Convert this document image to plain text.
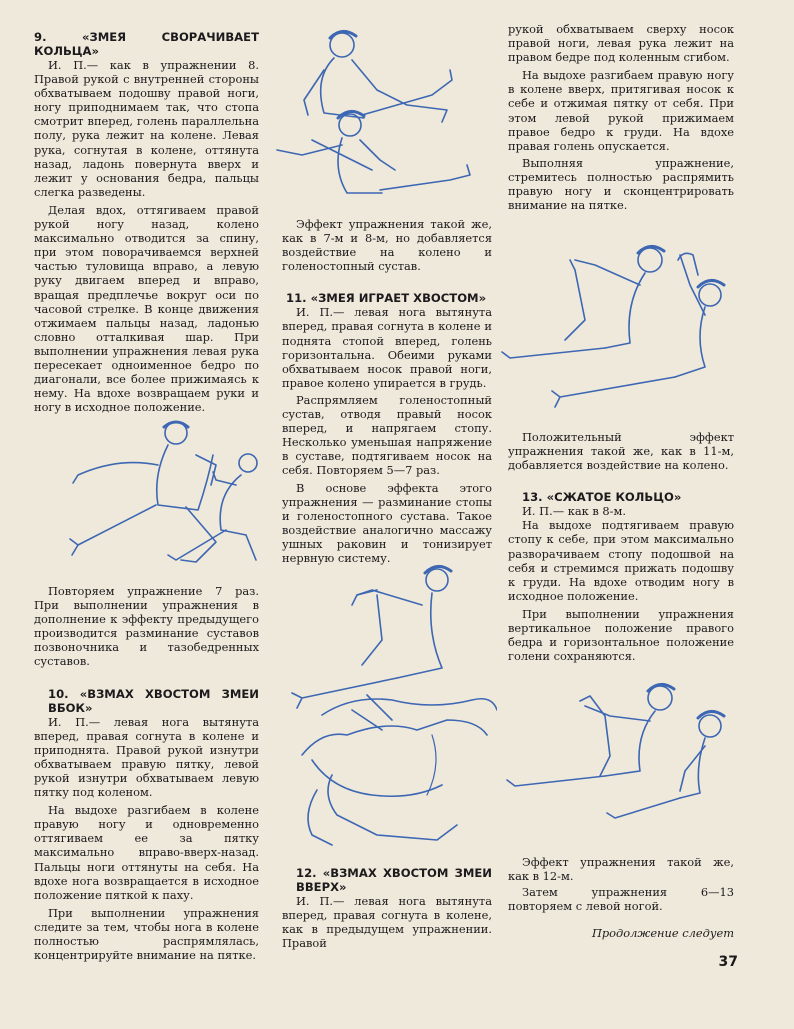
9. «ЗМЕЯ СВОРАЧИВАЕТ КОЛЬЦА»

И. П.— как в упражнении 8. Правой рукой с внутренней стороны обхватываем подошву правой ноги, ногу приподнимаем так, что стопа смотрит вперед, голень параллельна полу, рука лежит на колене. Левая рука, согнутая в колене, оттянута назад, ладонь повернута вверх и лежит у основания бедра, пальцы слегка разведены.

Делая вдох, оттягиваем правой рукой ногу назад, колено максимально отводится за спину, при этом поворачиваемся верхней частью туловища вправо, а левую руку двигаем вперед и вправо, вращая предплечье вокруг оси по часовой стрелке. В конце движения отжимаем пальцы назад, ладонью словно отталкивая шар. При выполнении упражнения левая рука пересекает одноименное бедро по диагонали, все более прижимаясь к нему. На вдохе возвращаем руки и ногу в исходное положение.

Повторяем упражнение 7 раз. При выполнении упражнения в дополнение к эффекту предыдущего производится разминание суставов позвоночника и тазобедренных суставов.

10. «ВЗМАХ ХВОСТОМ ЗМЕИ ВБОК»

И. П.— левая нога вытянута вперед, правая согнута в колене и приподнята. Правой рукой изнутри обхватываем правую пятку, левой рукой изнутри обхватываем левую пятку под коленом.

На выдохе разгибаем в колене правую ногу и одновременно оттягиваем ее за пятку максимально вправо-вверх-назад. Пальцы ноги оттянуты на себя. На вдохе нога возвращается в исходное положение пяткой к паху.

При выполнении упражнения следите за тем, чтобы нога в колене полностью распрямлялась, концентрируйте внимание на пятке.

Эффект упражнения такой же, как в 7-м и 8-м, но добавляется воздействие на колено и голеностопный сустав.

11. «ЗМЕЯ ИГРАЕТ ХВОСТОМ»

И. П.— левая нога вытянута вперед, правая согнута в колене и поднята стопой вперед, голень горизонтальна. Обеими руками обхватываем носок правой ноги, правое колено упирается в грудь.

Распрямляем голеностопный сустав, отводя правый носок вперед, и напрягаем стопу. Несколько уменьшая напряжение в суставе, подтягиваем носок на себя. Повторяем 5—7 раз.

В основе эффекта этого упражнения — разминание стопы и голеностопного сустава. Такое воздействие аналогично массажу ушных раковин и тонизирует нервную систему.

12. «ВЗМАХ ХВОСТОМ ЗМЕИ ВВЕРХ»

И. П.— левая нога вытянута вперед, правая согнута в колене, как в предыдущем упражнении. Правой

рукой обхватываем сверху носок правой ноги, левая рука лежит на правом бедре под коленным сгибом.

На выдохе разгибаем правую ногу в колене вверх, притягивая носок к себе и отжимая пятку от себя. При этом левой рукой прижимаем правое бедро к груди. На вдохе правая голень опускается.

Выполняя упражнение, стремитесь полностью распрямить правую ногу и сконцентрировать внимание на пятке.

Положительный эффект упражнения такой же, как в 11-м, добавляется воздействие на колено.

13. «СЖАТОЕ КОЛЬЦО»

И. П.— как в 8-м.

На выдохе подтягиваем правую стопу к себе, при этом максимально разворачиваем стопу подошвой на себя и стремимся прижать подошву к груди. На вдохе отводим ногу в исходное положение.

При выполнении упражнения вертикальное положение правого бедра и горизонтальное положение голени сохраняются.

Эффект упражнения такой же, как в 12-м.

Затем упражнения 6—13 повторяем с левой ногой.

Продолжение следует

37
